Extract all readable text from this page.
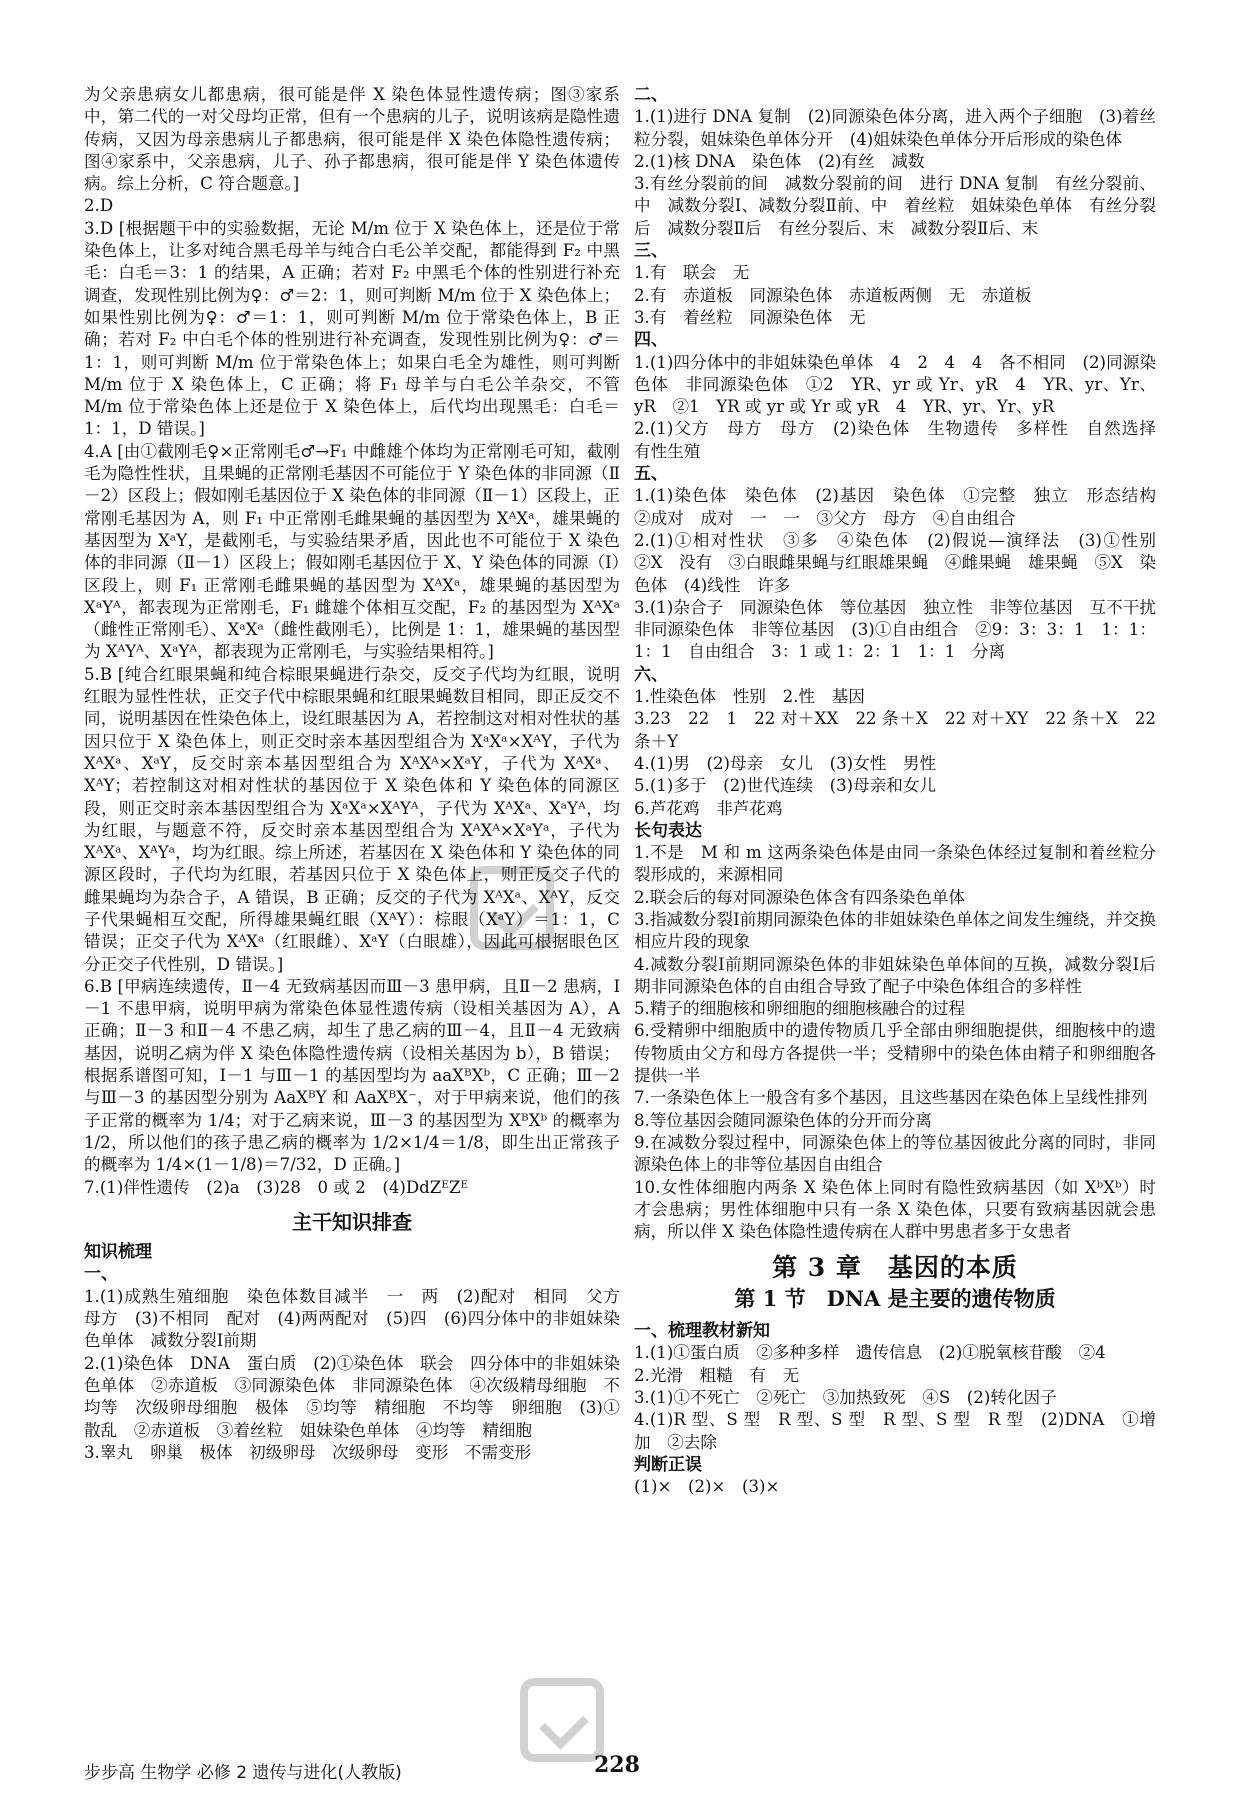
为父亲患病女儿都患病，很可能是伴 X 染色体显性遗传病；图③家系中，第二代的一对父母均正常，但有一个患病的儿子，说明该病是隐性遗传病，又因为母亲患病儿子都患病，很可能是伴 X 染色体隐性遗传病；图④家系中，父亲患病，儿子、孙子都患病，很可能是伴 Y 染色体遗传病。综上分析，C 符合题意。]

2.D

3.D [根据题干中的实验数据，无论 M/m 位于 X 染色体上，还是位于常染色体上，让多对纯合黑毛母羊与纯合白毛公羊交配，都能得到 F₂ 中黑毛：白毛＝3：1 的结果，A 正确；若对 F₂ 中黑毛个体的性别进行补充调查，发现性别比例为♀：♂＝2：1，则可判断 M/m 位于 X 染色体上；如果性别比例为♀：♂＝1：1，则可判断 M/m 位于常染色体上，B 正确；若对 F₂ 中白毛个体的性别进行补充调查，发现性别比例为♀：♂＝1：1，则可判断 M/m 位于常染色体上；如果白毛全为雄性，则可判断 M/m 位于 X 染色体上，C 正确；将 F₁ 母羊与白毛公羊杂交，不管 M/m 位于常染色体上还是位于 X 染色体上，后代均出现黑毛：白毛＝1：1，D 错误。]

4.A [由①截刚毛♀×正常刚毛♂→F₁ 中雌雄个体均为正常刚毛可知，截刚毛为隐性性状，且果蝇的正常刚毛基因不可能位于 Y 染色体的非同源（Ⅱ－2）区段上；假如刚毛基因位于 X 染色体的非同源（Ⅱ－1）区段上，正常刚毛基因为 A，则 F₁ 中正常刚毛雌果蝇的基因型为 XᴬXᵃ，雄果蝇的基因型为 XᵃY，是截刚毛，与实验结果矛盾，因此也不可能位于 X 染色体的非同源（Ⅱ－1）区段上；假如刚毛基因位于 X、Y 染色体的同源（Ⅰ）区段上，则 F₁ 正常刚毛雌果蝇的基因型为 XᴬXᵃ，雄果蝇的基因型为 XᵃYᴬ，都表现为正常刚毛，F₁ 雌雄个体相互交配，F₂ 的基因型为 XᴬXᵃ（雌性正常刚毛）、XᵃXᵃ（雌性截刚毛），比例是 1：1，雄果蝇的基因型为 XᴬYᴬ、XᵃYᴬ，都表现为正常刚毛，与实验结果相符。]

5.B [纯合红眼果蝇和纯合棕眼果蝇进行杂交，反交子代均为红眼，说明红眼为显性性状，正交子代中棕眼果蝇和红眼果蝇数目相同，即正反交不同，说明基因在性染色体上，设红眼基因为 A，若控制这对相对性状的基因只位于 X 染色体上，则正交时亲本基因型组合为 XᵃXᵃ×XᴬY，子代为 XᴬXᵃ、XᵃY，反交时亲本基因型组合为 XᴬXᴬ×XᵃY，子代为 XᴬXᵃ、XᴬY；若控制这对相对性状的基因位于 X 染色体和 Y 染色体的同源区段，则正交时亲本基因型组合为 XᵃXᵃ×XᴬYᴬ，子代为 XᴬXᵃ、XᵃYᴬ，均为红眼，与题意不符，反交时亲本基因型组合为 XᴬXᴬ×XᵃYᵃ，子代为 XᴬXᵃ、XᴬYᵃ，均为红眼。综上所述，若基因在 X 染色体和 Y 染色体的同源区段时，子代均为红眼，若基因只位于 X 染色体上，则正反交子代的雌果蝇均为杂合子，A 错误，B 正确；反交的子代为 XᴬXᵃ、XᴬY，反交子代果蝇相互交配，所得雄果蝇红眼（XᴬY）：棕眼（XᵃY）＝1：1，C 错误；正交子代为 XᴬXᵃ（红眼雌）、XᵃY（白眼雄），因此可根据眼色区分正交子代性别，D 错误。]

6.B [甲病连续遗传，Ⅱ－4 无致病基因而Ⅲ－3 患甲病，且Ⅱ－2 患病，Ⅰ－1 不患甲病，说明甲病为常染色体显性遗传病（设相关基因为 A），A 正确；Ⅱ－3 和Ⅱ－4 不患乙病，却生了患乙病的Ⅲ－4，且Ⅱ－4 无致病基因，说明乙病为伴 X 染色体隐性遗传病（设相关基因为 b），B 错误；根据系谱图可知，Ⅰ－1 与Ⅲ－1 的基因型均为 aaXᴮXᵇ，C 正确；Ⅲ－2 与Ⅲ－3 的基因型分别为 AaXᴮY 和 AaXᴮX⁻，对于甲病来说，他们的孩子正常的概率为 1/4；对于乙病来说，Ⅲ－3 的基因型为 XᴮXᵇ 的概率为 1/2，所以他们的孩子患乙病的概率为 1/2×1/4＝1/8，即生出正常孩子的概率为 1/4×(1－1/8)＝7/32，D 正确。]

7.(1)伴性遗传　(2)a　(3)28　0 或 2　(4)DdZᴱZᴱ

主干知识排查

知识梳理

一、

1.(1)成熟生殖细胞　染色体数目减半　一　两　(2)配对　相同　父方　母方　(3)不相同　配对　(4)两两配对　(5)四　(6)四分体中的非姐妹染色单体　减数分裂Ⅰ前期

2.(1)染色体　DNA　蛋白质　(2)①染色体　联会　四分体中的非姐妹染色单体　②赤道板　③同源染色体　非同源染色体　④次级精母细胞　不均等　次级卵母细胞　极体　⑤均等　精细胞　不均等　卵细胞　(3)①散乱　②赤道板　③着丝粒　姐妹染色单体　④均等　精细胞

3.睾丸　卵巢　极体　初级卵母　次级卵母　变形　不需变形

二、

1.(1)进行 DNA 复制　(2)同源染色体分离，进入两个子细胞　(3)着丝粒分裂，姐妹染色单体分开　(4)姐妹染色单体分开后形成的染色体

2.(1)核 DNA　染色体　(2)有丝　减数

3.有丝分裂前的间　减数分裂前的间　进行 DNA 复制　有丝分裂前、中　减数分裂Ⅰ、减数分裂Ⅱ前、中　着丝粒　姐妹染色单体　有丝分裂后　减数分裂Ⅱ后　有丝分裂后、末　减数分裂Ⅱ后、末

三、

1.有　联会　无

2.有　赤道板　同源染色体　赤道板两侧　无　赤道板

3.有　着丝粒　同源染色体　无

四、

1.(1)四分体中的非姐妹染色单体　4　2　4　4　各不相同　(2)同源染色体　非同源染色体　①2　YR、yr 或 Yr、yR　4　YR、yr、Yr、yR　②1　YR 或 yr 或 Yr 或 yR　4　YR、yr、Yr、yR

2.(1)父方　母方　母方　(2)染色体　生物遗传　多样性　自然选择　有性生殖

五、

1.(1)染色体　染色体　(2)基因　染色体　①完整　独立　形态结构　②成对　成对　一　一　③父方　母方　④自由组合

2.(1)①相对性状　③多　④染色体　(2)假说—演绎法　(3)①性别　②X　没有　③白眼雌果蝇与红眼雄果蝇　④雌果蝇　雄果蝇　⑤X　染色体　(4)线性　许多

3.(1)杂合子　同源染色体　等位基因　独立性　非等位基因　互不干扰　非同源染色体　非等位基因　(3)①自由组合　②9：3：3：1　1：1：1：1　自由组合　3：1 或 1：2：1　1：1　分离

六、

1.性染色体　性别　2.性　基因

3.23　22　1　22 对＋XX　22 条＋X　22 对＋XY　22 条＋X　22 条＋Y

4.(1)男　(2)母亲　女儿　(3)女性　男性

5.(1)多于　(2)世代连续　(3)母亲和女儿

6.芦花鸡　非芦花鸡

长句表达

1.不是　M 和 m 这两条染色体是由同一条染色体经过复制和着丝粒分裂形成的，来源相同

2.联会后的每对同源染色体含有四条染色单体

3.指减数分裂Ⅰ前期同源染色体的非姐妹染色单体之间发生缠绕，并交换相应片段的现象

4.减数分裂Ⅰ前期同源染色体的非姐妹染色单体间的互换，减数分裂Ⅰ后期非同源染色体的自由组合导致了配子中染色体组合的多样性

5.精子的细胞核和卵细胞的细胞核融合的过程

6.受精卵中细胞质中的遗传物质几乎全部由卵细胞提供，细胞核中的遗传物质由父方和母方各提供一半；受精卵中的染色体由精子和卵细胞各提供一半

7.一条染色体上一般含有多个基因，且这些基因在染色体上呈线性排列

8.等位基因会随同源染色体的分开而分离

9.在减数分裂过程中，同源染色体上的等位基因彼此分离的同时，非同源染色体上的非等位基因自由组合

10.女性体细胞内两条 X 染色体上同时有隐性致病基因（如 XᵇXᵇ）时才会患病；男性体细胞中只有一条 X 染色体，只要有致病基因就会患病，所以伴 X 染色体隐性遗传病在人群中男患者多于女患者

第 3 章　基因的本质
第 1 节　DNA 是主要的遗传物质

一、梳理教材新知

1.(1)①蛋白质　②多种多样　遗传信息　(2)①脱氧核苷酸　②4

2.光滑　粗糙　有　无

3.(1)①不死亡　②死亡　③加热致死　④S　(2)转化因子

4.(1)R 型、S 型　R 型、S 型　R 型、S 型　R 型　(2)DNA　①增加　②去除

判断正误

(1)×　(2)×　(3)×

步步高 生物学 必修 2 遗传与进化(人教版)	228
